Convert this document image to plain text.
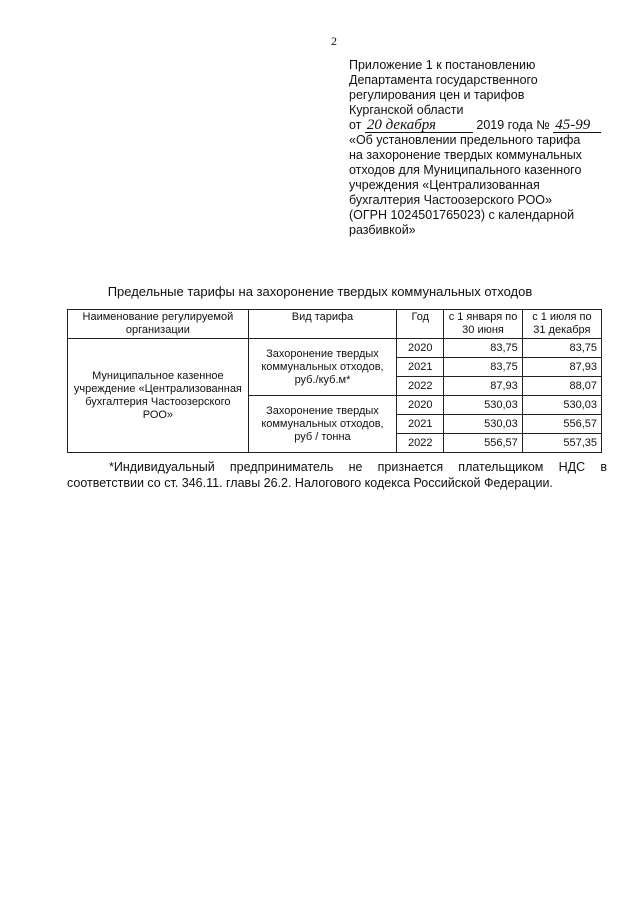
2
Приложение 1 к постановлению
Департамента государственного
регулирования цен и тарифов
Курганской области
от 20 декабря	2019 года № 45-99
«Об установлении предельного тарифа
на захоронение твердых коммунальных
отходов для Муниципального казенного
учреждения «Централизованная
бухгалтерия Частоозерского РОО»
(ОГРН 1024501765023) с календарной
разбивкой»
Предельные тарифы на захоронение твердых коммунальных отходов
Наименование регулируемой организации	Вид тарифа	Год	с 1 января по 30 июня	с 1 июля по 31 декабря
Муниципальное казенное учреждение «Централизованная бухгалтерия Частоозерского РОО»	Захоронение твердых коммунальных отходов, руб./куб.м*	2020	83,75	83,75
		2021	83,75	87,93
		2022	87,93	88,07
	Захоронение твердых коммунальных отходов, руб / тонна	2020	530,03	530,03
		2021	530,03	556,57
		2022	556,57	557,35
*Индивидуальный предприниматель не признается плательщиком НДС в соответствии со ст. 346.11. главы 26.2. Налогового кодекса Российской Федерации.
